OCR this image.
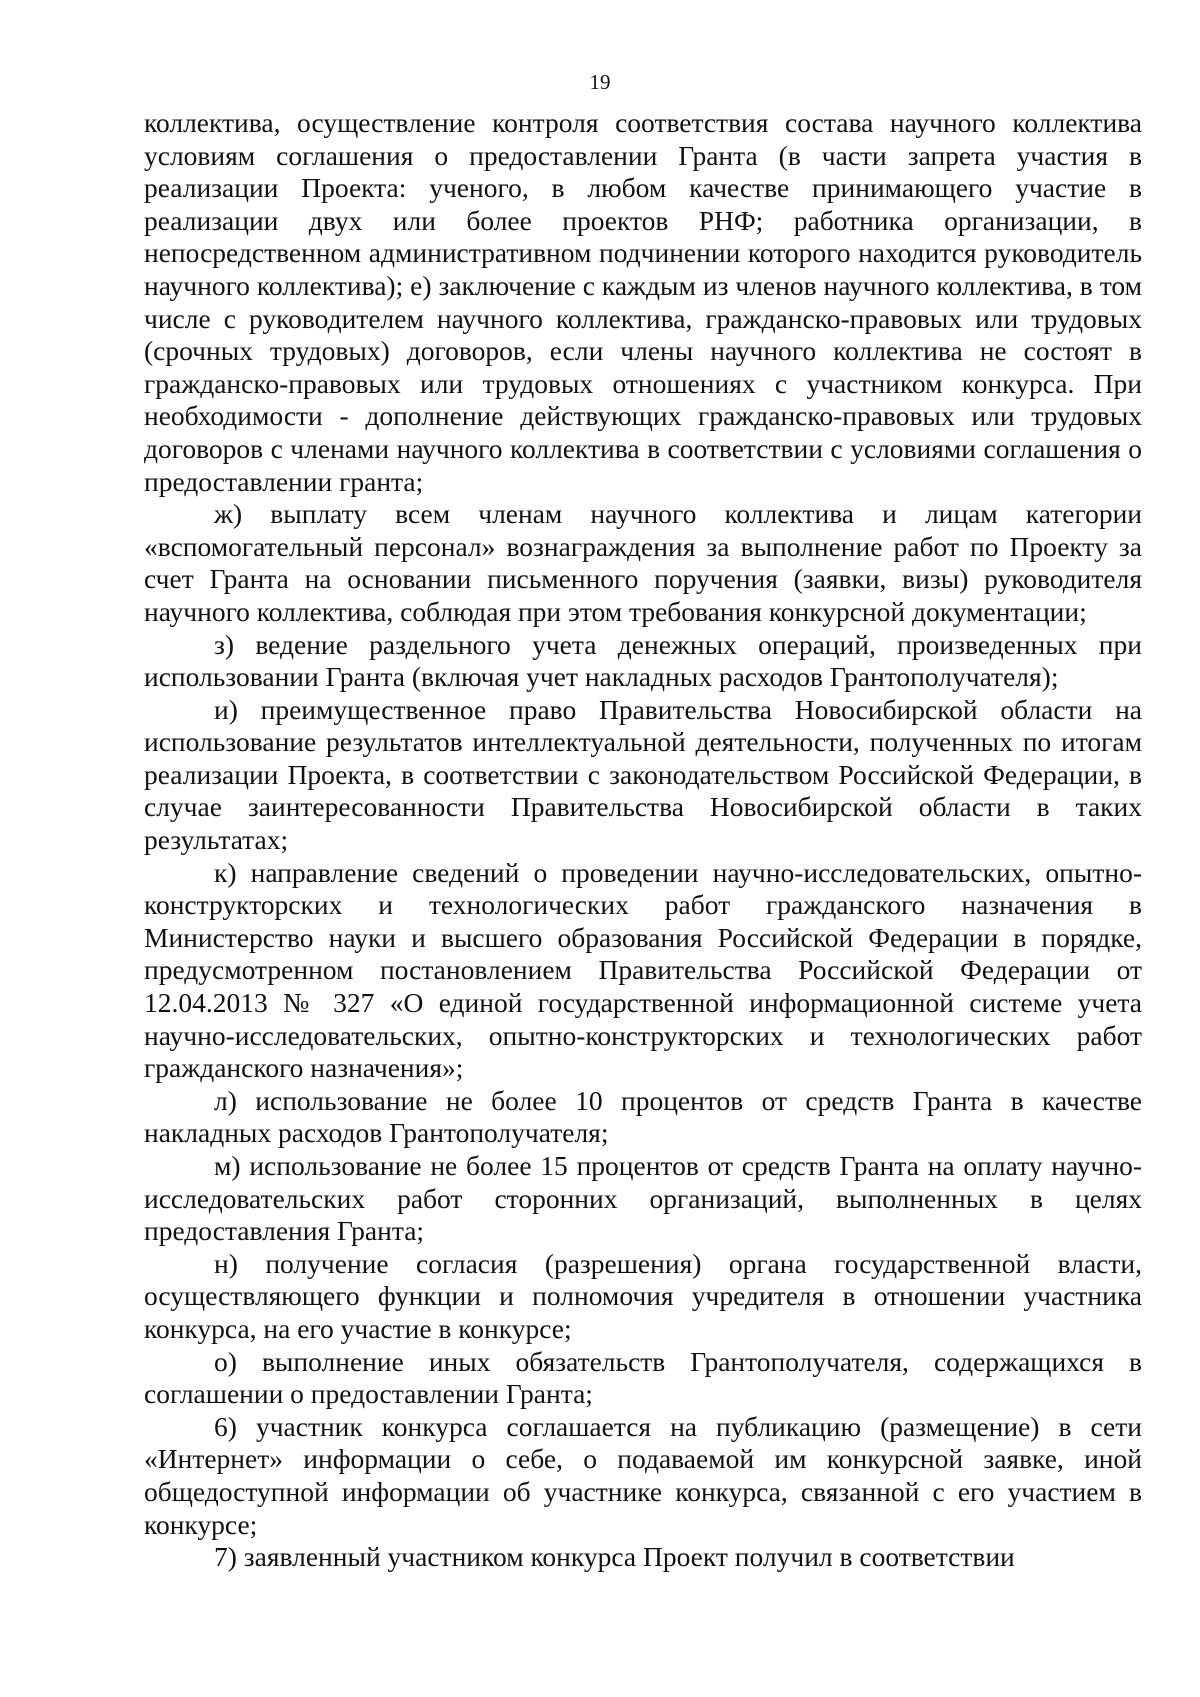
19

коллектива, осуществление контроля соответствия состава научного коллектива условиям соглашения о предоставлении Гранта (в части запрета участия в реализации Проекта: ученого, в любом качестве принимающего участие в реализации двух или более проектов РНФ; работника организации, в непосредственном административном подчинении которого находится руководитель научного коллектива); е) заключение с каждым из членов научного коллектива, в том числе с руководителем научного коллектива, гражданско-правовых или трудовых (срочных трудовых) договоров, если члены научного коллектива не состоят в гражданско-правовых или трудовых отношениях с участником конкурса. При необходимости - дополнение действующих гражданско-правовых или трудовых договоров с членами научного коллектива в соответствии с условиями соглашения о предоставлении гранта;

ж) выплату всем членам научного коллектива и лицам категории «вспомогательный персонал» вознаграждения за выполнение работ по Проекту за счет Гранта на основании письменного поручения (заявки, визы) руководителя научного коллектива, соблюдая при этом требования конкурсной документации;

з) ведение раздельного учета денежных операций, произведенных при использовании Гранта (включая учет накладных расходов Грантополучателя);

и) преимущественное право Правительства Новосибирской области на использование результатов интеллектуальной деятельности, полученных по итогам реализации Проекта, в соответствии с законодательством Российской Федерации, в случае заинтересованности Правительства Новосибирской области в таких результатах;

к) направление сведений о проведении научно-исследовательских, опытно-конструкторских и технологических работ гражданского назначения в Министерство науки и высшего образования Российской Федерации в порядке, предусмотренном постановлением Правительства Российской Федерации от 12.04.2013 № 327 «О единой государственной информационной системе учета научно-исследовательских, опытно-конструкторских и технологических работ гражданского назначения»;

л) использование не более 10 процентов от средств Гранта в качестве накладных расходов Грантополучателя;

м) использование не более 15 процентов от средств Гранта на оплату научно-исследовательских работ сторонних организаций, выполненных в целях предоставления Гранта;

н) получение согласия (разрешения) органа государственной власти, осуществляющего функции и полномочия учредителя в отношении участника конкурса, на его участие в конкурсе;

о) выполнение иных обязательств Грантополучателя, содержащихся в соглашении о предоставлении Гранта;

6) участник конкурса соглашается на публикацию (размещение) в сети «Интернет» информации о себе, о подаваемой им конкурсной заявке, иной общедоступной информации об участнике конкурса, связанной с его участием в конкурсе;

7) заявленный участником конкурса Проект получил в соответствии
